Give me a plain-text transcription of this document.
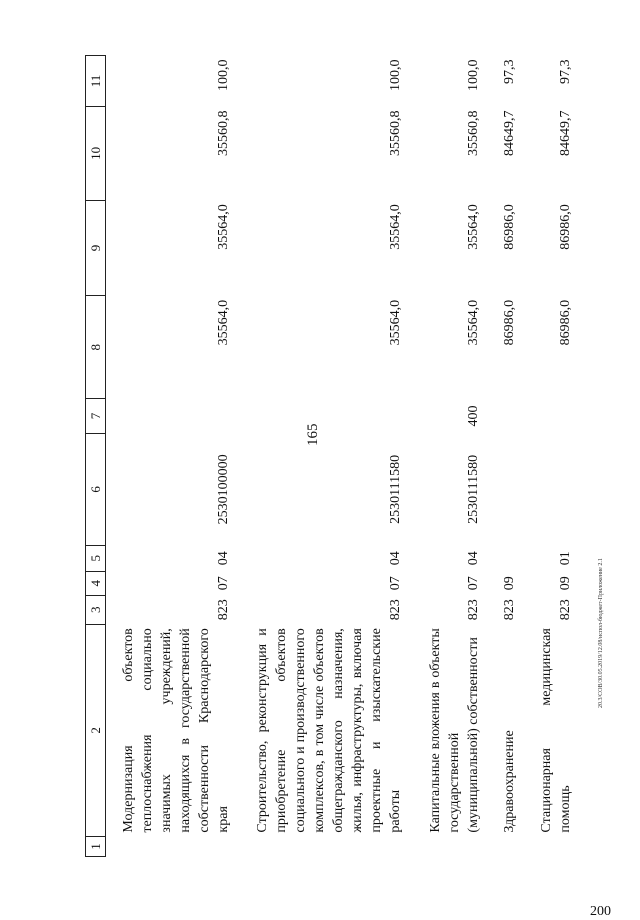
165
20.3/СОВ/30.05.2019/12.08/испол-бюджет-Приложение 2.1
200
1	2	3	4	5	6	7	8	9	10	11
	Модернизация объектов теплоснабжения социально значимых учреждений, находящихся в государственной собственности Краснодарского края	823	07	04	2530100000		35564,0	35564,0	35560,8	100,0
	Строительство, реконструкция и приобретение объектов социального и производственного комплексов, в том числе объектов общегражданского назначения, жилья, инфраструктуры, включая проектные и изыскательские работы	823	07	04	2530111580		35564,0	35564,0	35560,8	100,0
	Капитальные вложения в объекты государственной (муниципальной) собственности	823	07	04	2530111580	400	35564,0	35564,0	35560,8	100,0
	Здравоохранение	823	09				86986,0	86986,0	84649,7	97,3
	Стационарная медицинская помощь	823	09	01			86986,0	86986,0	84649,7	97,3
